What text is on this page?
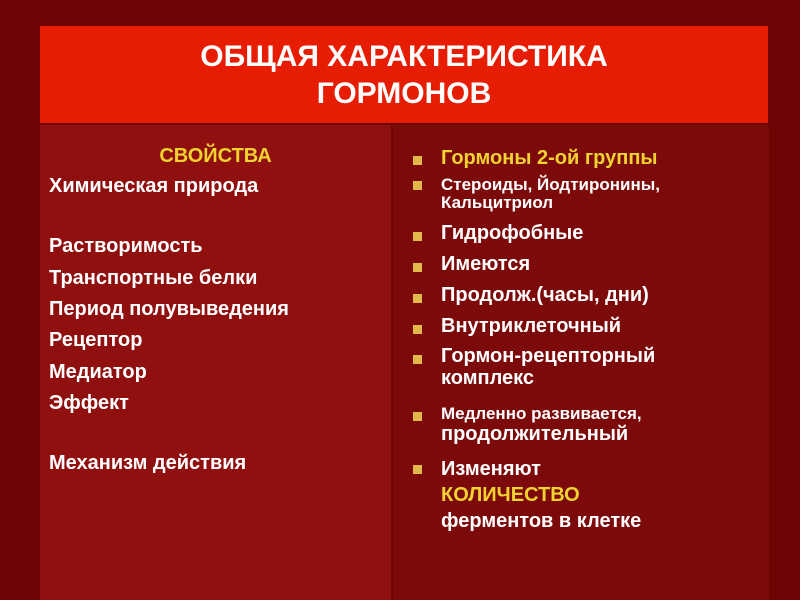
ОБЩАЯ ХАРАКТЕРИСТИКА
ГОРМОНОВ
СВОЙСТВА
Химическая природа
Растворимость
Транспортные белки
Период полувыведения
Рецептор
Медиатор
Эффект
Механизм действия
Гормоны 2-ой группы
Стероиды, Йодтиронины,
Кальцитриол
Гидрофобные
Имеются
Продолж.(часы, дни)
Внутриклеточный
Гормон-рецепторный
комплекс
Медленно развивается,
продолжительный
Изменяют
КОЛИЧЕСТВО
ферментов в клетке
